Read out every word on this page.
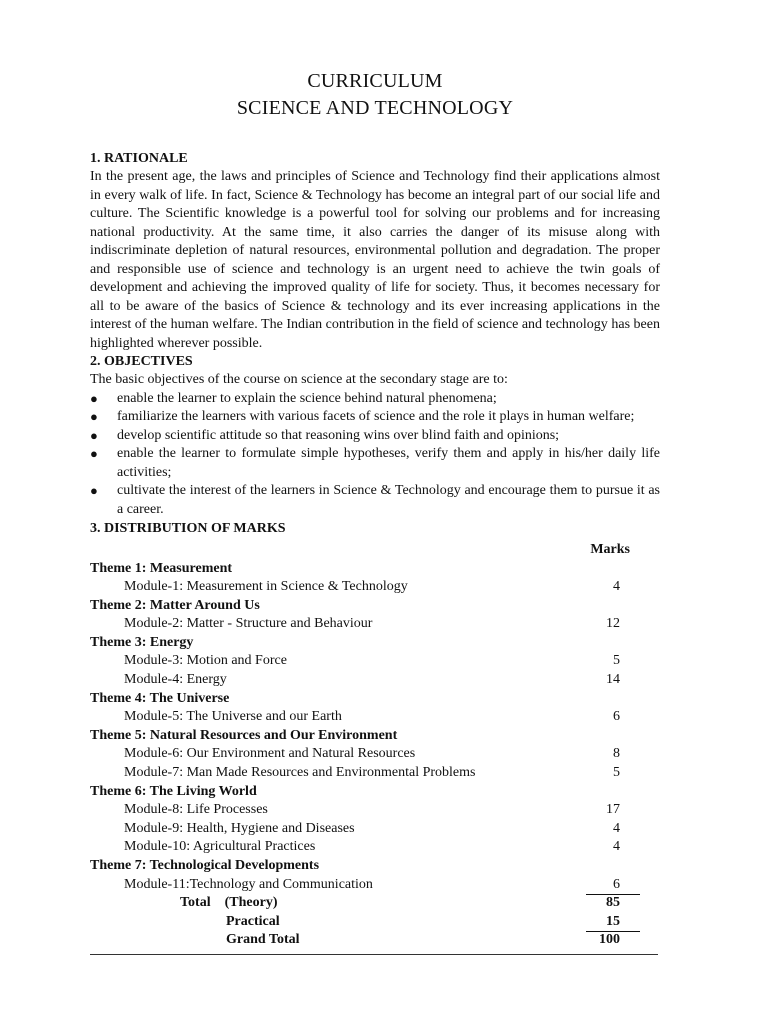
CURRICULUM
SCIENCE AND TECHNOLOGY

1. RATIONALE

In the present age, the laws and principles of Science and Technology find their applications almost in every walk of life. In fact, Science & Technology has become an integral part of our social life and culture. The Scientific knowledge is a powerful tool for solving our problems and for increasing national productivity. At the same time, it also carries the danger of its misuse along with indiscriminate depletion of natural resources, environmental pollution and degradation. The proper and responsible use of science and technology is an urgent need to achieve the twin goals of development and achieving the improved quality of life for society. Thus, it becomes necessary for all to be aware of the basics of Science & technology and its ever increasing applications in the interest of the human welfare. The Indian contribution in the field of science and technology has been highlighted wherever possible.

2. OBJECTIVES

The basic objectives of the course on science at the secondary stage are to:

● enable the learner to explain the science behind natural phenomena;
● familiarize the learners with various facets of science and the role it plays in human welfare;
● develop scientific attitude so that reasoning wins over blind faith and opinions;
● enable the learner to formulate simple hypotheses, verify them and apply in his/her daily life activities;
● cultivate the interest of the learners in Science & Technology and encourage them to pursue it as a career.

3. DISTRIBUTION OF MARKS

Marks
Theme 1: Measurement
Module-1: Measurement in Science & Technology	4
Theme 2: Matter Around Us
Module-2: Matter - Structure and Behaviour	12
Theme 3: Energy
Module-3: Motion and Force	5
Module-4: Energy	14
Theme 4: The Universe
Module-5: The Universe and our Earth	6
Theme 5: Natural Resources and Our Environment
Module-6: Our Environment and Natural Resources	8
Module-7: Man Made Resources and Environmental Problems	5
Theme 6: The Living World
Module-8: Life Processes	17
Module-9: Health, Hygiene and Diseases	4
Module-10: Agricultural Practices	4
Theme 7: Technological Developments
Module-11:Technology and Communication	6
Total    (Theory)	85
Practical	15
Grand Total	100
